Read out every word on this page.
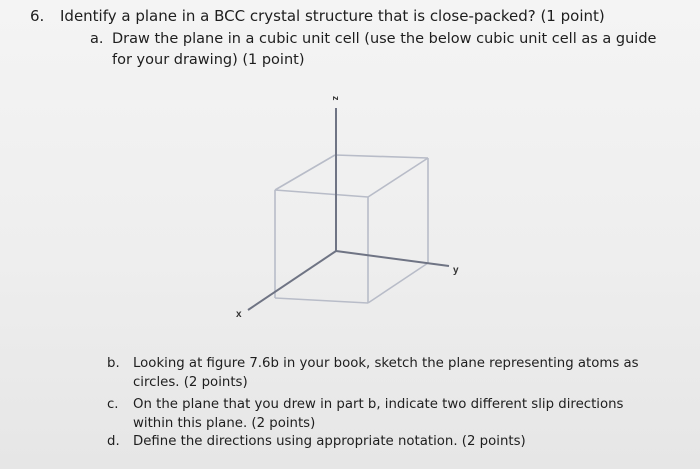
6. Identify a plane in a BCC crystal structure that is close-packed? (1 point)
a. Draw the plane in a cubic unit cell (use the below cubic unit cell as a guide for your drawing) (1 point)
z
y
x
b. Looking at figure 7.6b in your book, sketch the plane representing atoms as circles. (2 points)
c. On the plane that you drew in part b, indicate two different slip directions within this plane. (2 points)
d. Define the directions using appropriate notation. (2 points)
